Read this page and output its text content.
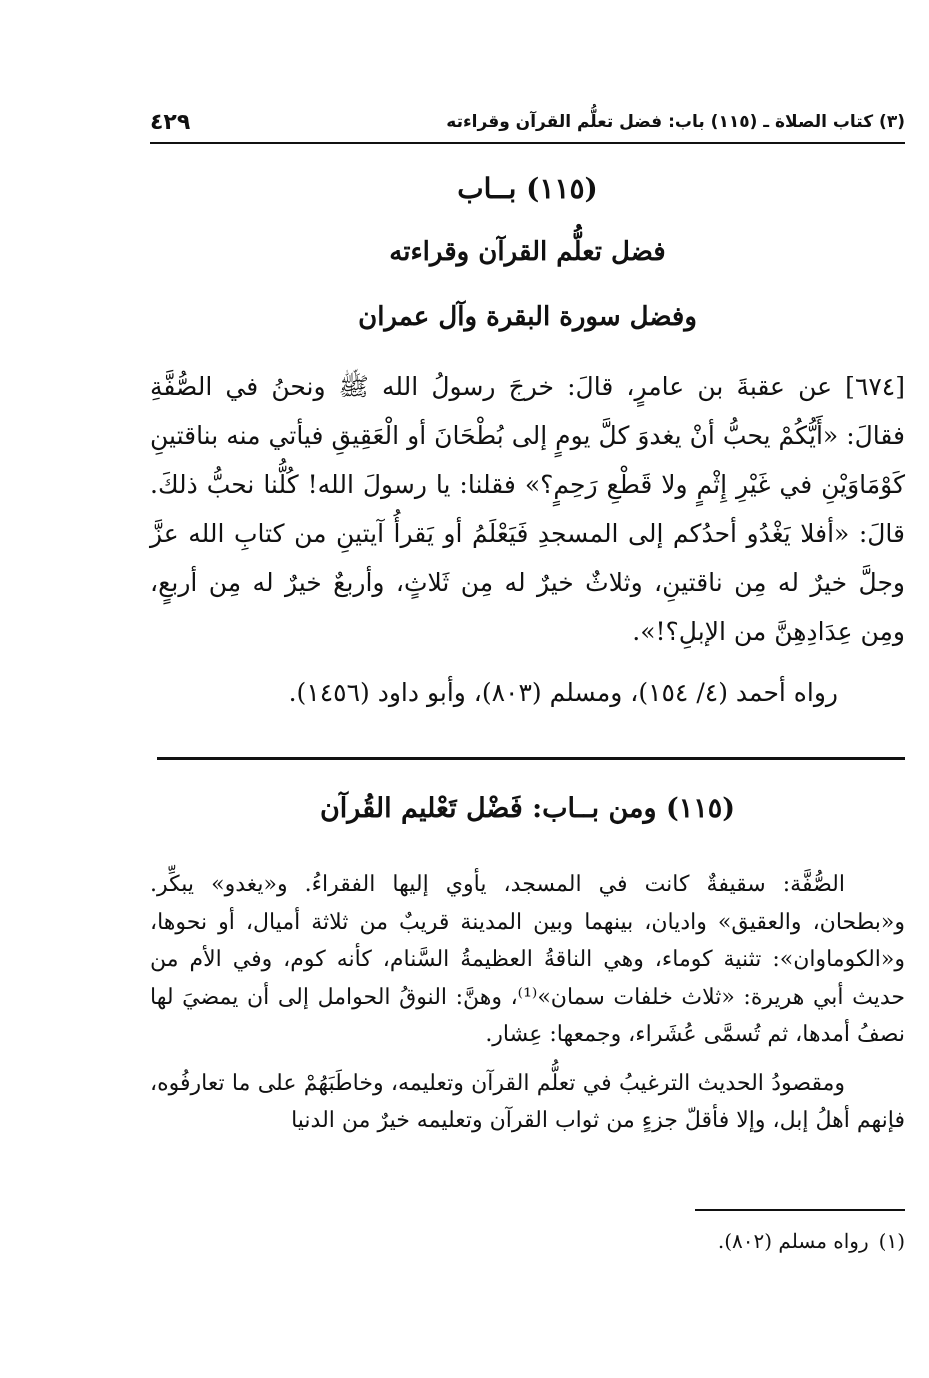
(٣) كتاب الصلاة ـ (١١٥) باب: فضل تعلُّم القرآن وقراءته
٤٢٩
(١١٥) بــاب
فضل تعلُّم القرآن وقراءته
وفضل سورة البقرة وآل عمران
[٦٧٤] عن عقبةَ بن عامرٍ، قالَ: خرجَ رسولُ الله ﷺ ونحنُ في الصُّفَّةِ فقالَ: «أَيُّكُمْ يحبُّ أنْ يغدوَ كلَّ يومٍ إلى بُطْحَانَ أو الْعَقِيقِ فيأتي منه بناقتينِ كَوْمَاوَيْنِ في غَيْرِ إِثْمٍ ولا قَطْعِ رَحِمٍ؟» فقلنا: يا رسولَ الله! كُلُّنا نحبُّ ذلكَ. قالَ: «أفلا يَغْدُو أحدُكم إلى المسجدِ فَيَعْلَمُ أو يَقرأُ آيتينِ من كتابِ الله عزَّ وجلَّ خيرٌ له مِن ناقتينِ، وثلاثٌ خيرٌ له مِن ثَلاثٍ، وأربعٌ خيرٌ له مِن أربعٍ، ومِن عِدَادِهِنَّ من الإبلِ؟!».
رواه أحمد (٤/ ١٥٤)، ومسلم (٨٠٣)، وأبو داود (١٤٥٦).
(١١٥) ومن بــاب: فَضْل تَعْليم القُرآن

الصُّفَّة: سقيفةٌ كانت في المسجد، يأوي إليها الفقراءُ. و«يغدو» يبكِّر. و«بطحان، والعقيق» واديان، بينهما وبين المدينة قريبٌ من ثلاثة أميال، أو نحوها، و«الكوماوان»: تثنية كوماء، وهي الناقةُ العظيمةُ السَّنام، كأنه كوم، وفي الأم من حديث أبي هريرة: «ثلاث خلفات سمان»⁽¹⁾، وهنَّ: النوقُ الحوامل إلى أن يمضيَ لها نصفُ أمدها، ثم تُسمَّى عُشَراء، وجمعها: عِشار.

ومقصودُ الحديث الترغيبُ في تعلُّم القرآن وتعليمه، وخاطَبَهُمْ على ما تعارفُوه، فإنهم أهلُ إبل، وإلا فأقلّ جزءٍ من ثواب القرآن وتعليمه خيرٌ من الدنيا

(١)رواه مسلم (٨٠٢).
